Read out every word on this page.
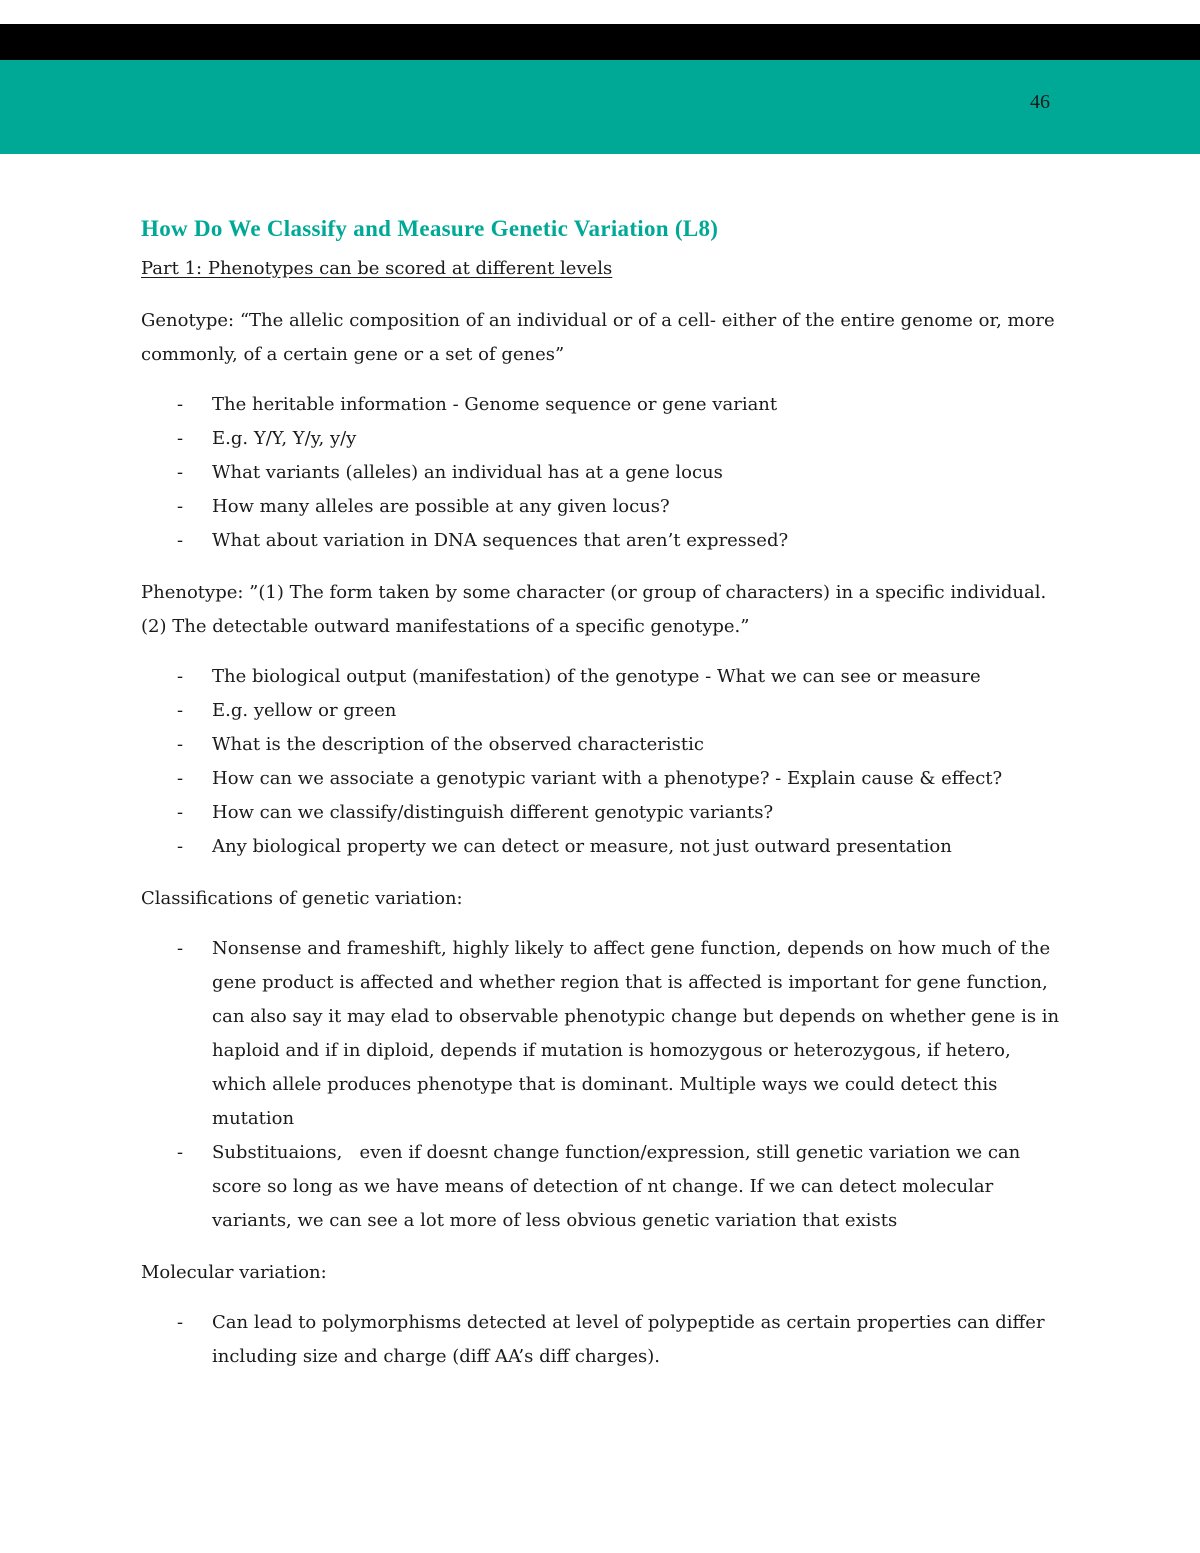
46
How Do We Classify and Measure Genetic Variation (L8)
Part 1: Phenotypes can be scored at different levels

Genotype: “The allelic composition of an individual or of a cell- either of the entire genome or, more commonly, of a certain gene or a set of genes”

- The heritable information - Genome sequence or gene variant
- E.g. Y/Y, Y/y, y/y
- What variants (alleles) an individual has at a gene locus
- How many alleles are possible at any given locus?
- What about variation in DNA sequences that aren’t expressed?

Phenotype: ”(1) The form taken by some character (or group of characters) in a specific individual. (2) The detectable outward manifestations of a specific genotype.”

- The biological output (manifestation) of the genotype - What we can see or measure
- E.g. yellow or green
- What is the description of the observed characteristic
- How can we associate a genotypic variant with a phenotype? - Explain cause & effect?
- How can we classify/distinguish different genotypic variants?
- Any biological property we can detect or measure, not just outward presentation

Classifications of genetic variation:

- Nonsense and frameshift, highly likely to affect gene function, depends on how much of the gene product is affected and whether region that is affected is important for gene function, can also say it may elad to observable phenotypic change but depends on whether gene is in haploid and if in diploid, depends if mutation is homozygous or heterozygous, if hetero, which allele produces phenotype that is dominant. Multiple ways we could detect this mutation
- Substituaions,   even if doesnt change function/expression, still genetic variation we can score so long as we have means of detection of nt change. If we can detect molecular variants, we can see a lot more of less obvious genetic variation that exists

Molecular variation:

- Can lead to polymorphisms detected at level of polypeptide as certain properties can differ including size and charge (diff AA’s diff charges).
